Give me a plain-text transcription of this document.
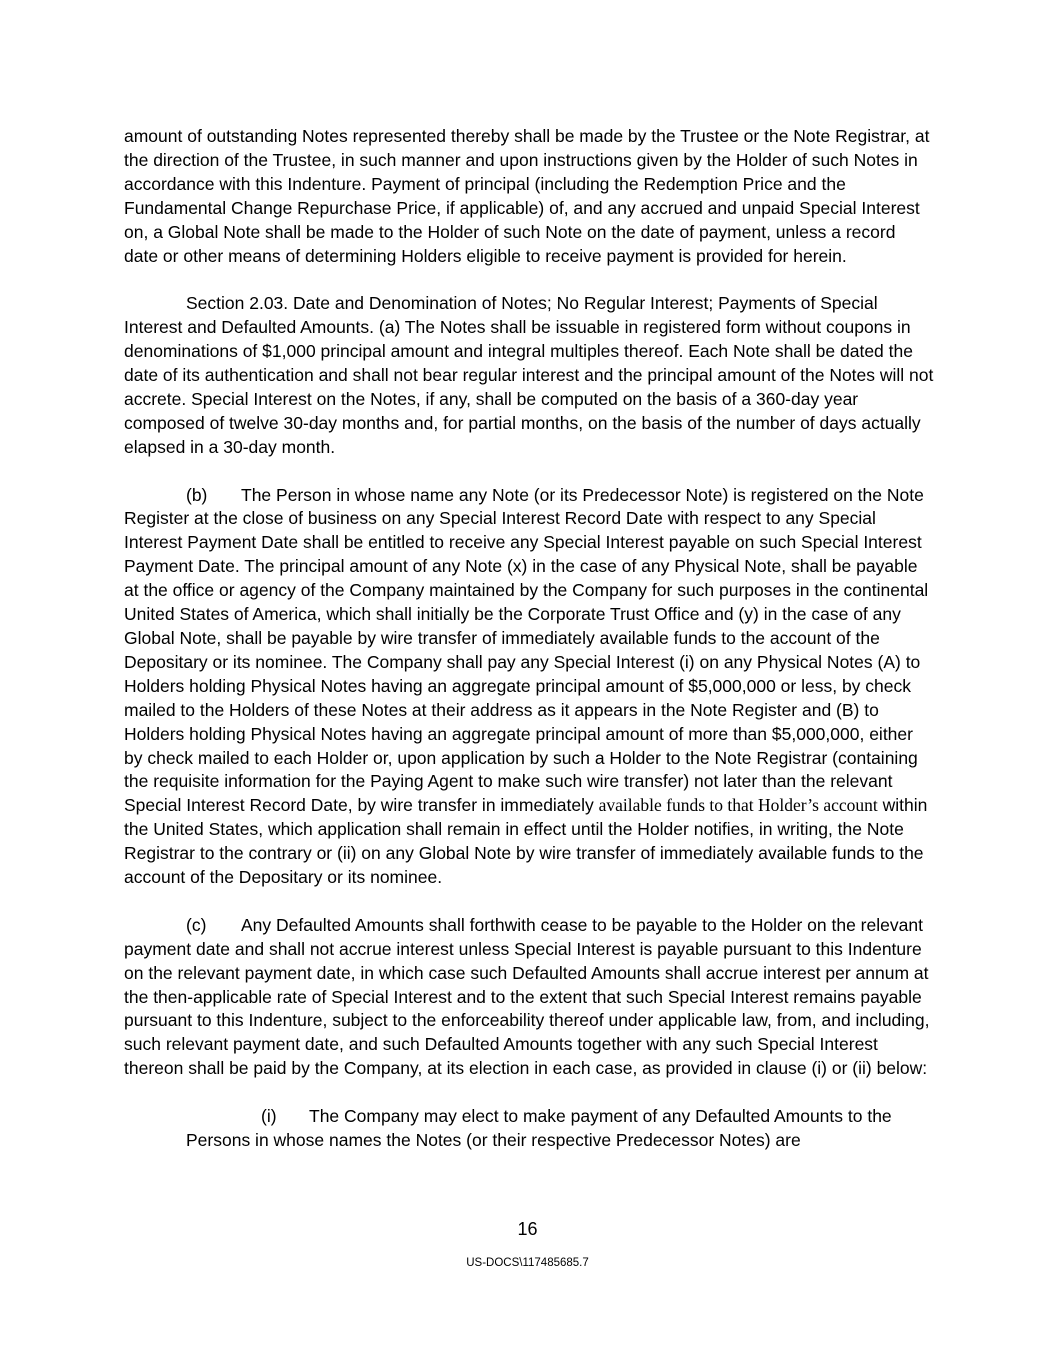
amount of outstanding Notes represented thereby shall be made by the Trustee or the Note Registrar, at the direction of the Trustee, in such manner and upon instructions given by the Holder of such Notes in accordance with this Indenture. Payment of principal (including the Redemption Price and the Fundamental Change Repurchase Price, if applicable) of, and any accrued and unpaid Special Interest on, a Global Note shall be made to the Holder of such Note on the date of payment, unless a record date or other means of determining Holders eligible to receive payment is provided for herein.

Section 2.03. Date and Denomination of Notes; No Regular Interest; Payments of Special Interest and Defaulted Amounts. (a) The Notes shall be issuable in registered form without coupons in denominations of $1,000 principal amount and integral multiples thereof. Each Note shall be dated the date of its authentication and shall not bear regular interest and the principal amount of the Notes will not accrete. Special Interest on the Notes, if any, shall be computed on the basis of a 360-day year composed of twelve 30-day months and, for partial months, on the basis of the number of days actually elapsed in a 30-day month.

(b) The Person in whose name any Note (or its Predecessor Note) is registered on the Note Register at the close of business on any Special Interest Record Date with respect to any Special Interest Payment Date shall be entitled to receive any Special Interest payable on such Special Interest Payment Date. The principal amount of any Note (x) in the case of any Physical Note, shall be payable at the office or agency of the Company maintained by the Company for such purposes in the continental United States of America, which shall initially be the Corporate Trust Office and (y) in the case of any Global Note, shall be payable by wire transfer of immediately available funds to the account of the Depositary or its nominee. The Company shall pay any Special Interest (i) on any Physical Notes (A) to Holders holding Physical Notes having an aggregate principal amount of $5,000,000 or less, by check mailed to the Holders of these Notes at their address as it appears in the Note Register and (B) to Holders holding Physical Notes having an aggregate principal amount of more than $5,000,000, either by check mailed to each Holder or, upon application by such a Holder to the Note Registrar (containing the requisite information for the Paying Agent to make such wire transfer) not later than the relevant Special Interest Record Date, by wire transfer in immediately available funds to that Holder’s account within the United States, which application shall remain in effect until the Holder notifies, in writing, the Note Registrar to the contrary or (ii) on any Global Note by wire transfer of immediately available funds to the account of the Depositary or its nominee.

(c) Any Defaulted Amounts shall forthwith cease to be payable to the Holder on the relevant payment date and shall not accrue interest unless Special Interest is payable pursuant to this Indenture on the relevant payment date, in which case such Defaulted Amounts shall accrue interest per annum at the then-applicable rate of Special Interest and to the extent that such Special Interest remains payable pursuant to this Indenture, subject to the enforceability thereof under applicable law, from, and including, such relevant payment date, and such Defaulted Amounts together with any such Special Interest thereon shall be paid by the Company, at its election in each case, as provided in clause (i) or (ii) below:

(i) The Company may elect to make payment of any Defaulted Amounts to the Persons in whose names the Notes (or their respective Predecessor Notes) are

16
US-DOCS\117485685.7
